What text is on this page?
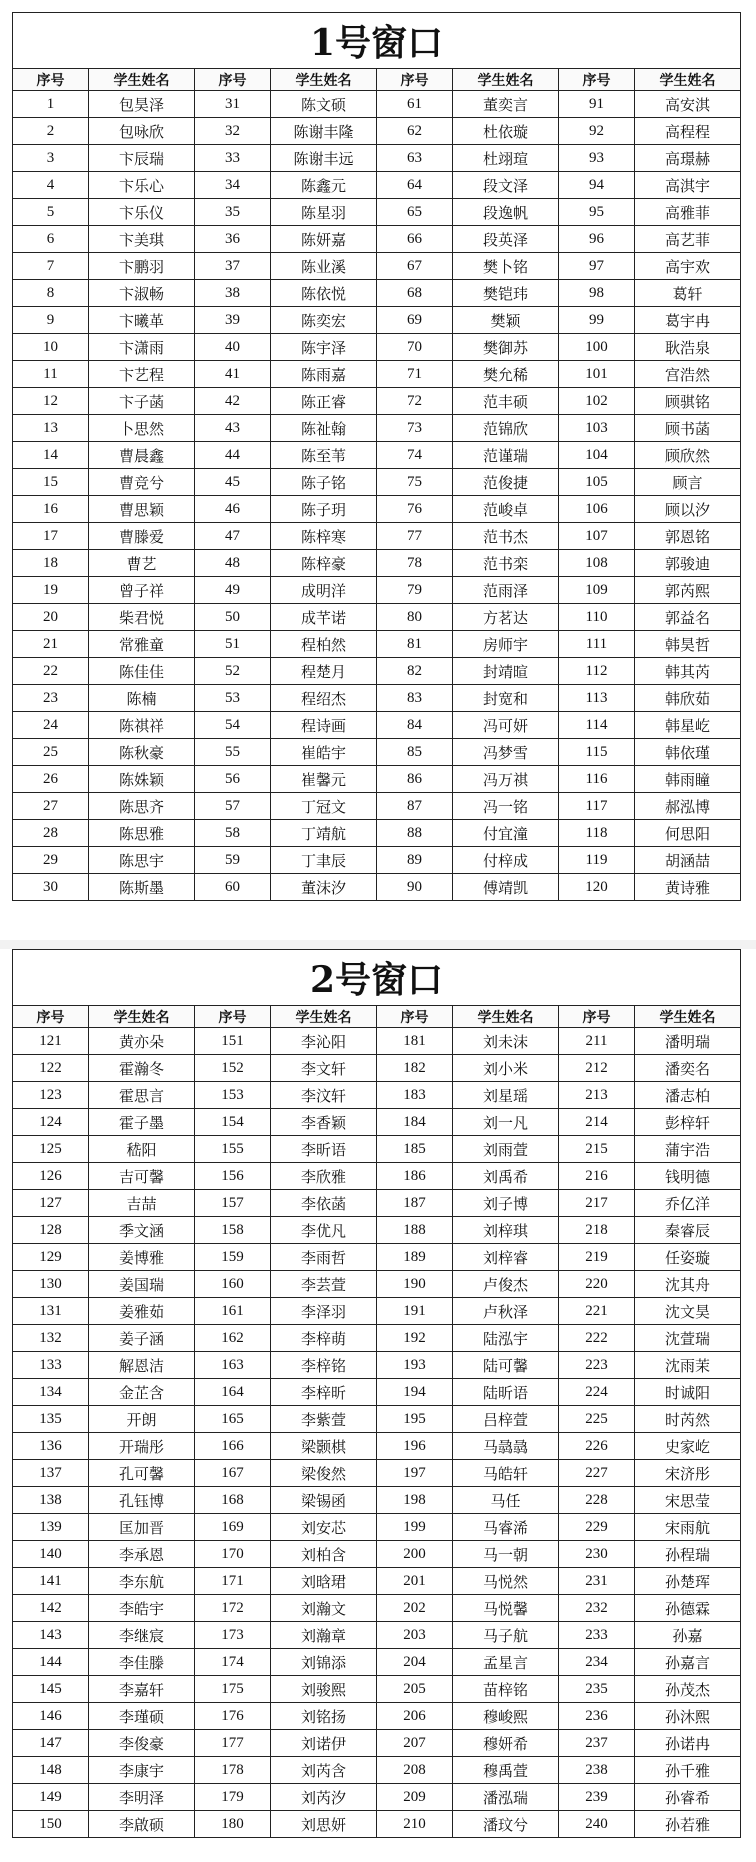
1号窗口							
序号	学生姓名	序号	学生姓名	序号	学生姓名	序号	学生姓名
1	包昊泽	31	陈文硕	61	董奕言	91	高安淇
2	包咏欣	32	陈谢丰隆	62	杜依璇	92	高程程
3	卞辰瑞	33	陈谢丰远	63	杜翊瑄	93	高璟赫
4	卞乐心	34	陈鑫元	64	段文泽	94	高淇宇
5	卞乐仪	35	陈星羽	65	段逸帆	95	高雅菲
6	卞美琪	36	陈妍嘉	66	段英泽	96	高艺菲
7	卞鹏羽	37	陈业溪	67	樊卜铭	97	高宇欢
8	卞淑畅	38	陈依悦	68	樊铠玮	98	葛轩
9	卞曦革	39	陈奕宏	69	樊颖	99	葛宇冉
10	卞潇雨	40	陈宇泽	70	樊御苏	100	耿浩泉
11	卞艺程	41	陈雨嘉	71	樊允稀	101	宫浩然
12	卞子菡	42	陈正睿	72	范丰硕	102	顾骐铭
13	卜思然	43	陈祉翰	73	范锦欣	103	顾书菡
14	曹晨鑫	44	陈至苇	74	范谨瑞	104	顾欣然
15	曹竞兮	45	陈子铭	75	范俊捷	105	顾言
16	曹思颖	46	陈子玥	76	范峻卓	106	顾以汐
17	曹滕爱	47	陈梓寒	77	范书杰	107	郭恩铭
18	曹艺	48	陈梓豪	78	范书栾	108	郭骏迪
19	曾子祥	49	成明洋	79	范雨泽	109	郭芮熙
20	柴君悦	50	成芊诺	80	方茗达	110	郭益名
21	常雅童	51	程柏然	81	房师宇	111	韩昊哲
22	陈佳佳	52	程楚月	82	封靖暄	112	韩其芮
23	陈楠	53	程绍杰	83	封宽和	113	韩欣茹
24	陈祺祥	54	程诗画	84	冯可妍	114	韩星屹
25	陈秋豪	55	崔皓宇	85	冯梦雪	115	韩依瑾
26	陈姝颖	56	崔馨元	86	冯万祺	116	韩雨瞳
27	陈思齐	57	丁冠文	87	冯一铭	117	郝泓博
28	陈思雅	58	丁靖航	88	付宜潼	118	何思阳
29	陈思宇	59	丁聿辰	89	付梓成	119	胡涵喆
30	陈斯墨	60	董沫汐	90	傅靖凯	120	黄诗雅
2号窗口							
序号	学生姓名	序号	学生姓名	序号	学生姓名	序号	学生姓名
121	黄亦朵	151	李沁阳	181	刘未沫	211	潘明瑞
122	霍瀚冬	152	李文轩	182	刘小米	212	潘奕名
123	霍思言	153	李汶轩	183	刘星瑶	213	潘志柏
124	霍子墨	154	李香颖	184	刘一凡	214	彭梓轩
125	嵇阳	155	李昕语	185	刘雨萱	215	蒲宇浩
126	吉可馨	156	李欣雅	186	刘禹希	216	钱明德
127	吉喆	157	李依菡	187	刘子博	217	乔亿洋
128	季文涵	158	李优凡	188	刘梓琪	218	秦睿辰
129	姜博雅	159	李雨哲	189	刘梓睿	219	任姿璇
130	姜国瑞	160	李芸萱	190	卢俊杰	220	沈其舟
131	姜雅茹	161	李泽羽	191	卢秋泽	221	沈文昊
132	姜子涵	162	李梓萌	192	陆泓宇	222	沈萱瑞
133	解恩洁	163	李梓铭	193	陆可馨	223	沈雨茉
134	金芷含	164	李梓昕	194	陆昕语	224	时诚阳
135	开朗	165	李紫萱	195	吕梓萱	225	时芮然
136	开瑞彤	166	梁颢棋	196	马骉骉	226	史家屹
137	孔可馨	167	梁俊然	197	马皓轩	227	宋济彤
138	孔钰博	168	梁锡函	198	马任	228	宋思莹
139	匡加晋	169	刘安芯	199	马睿浠	229	宋雨航
140	李承恩	170	刘柏含	200	马一朝	230	孙程瑞
141	李东航	171	刘晗珺	201	马悦然	231	孙楚珲
142	李皓宇	172	刘瀚文	202	马悦馨	232	孙德霖
143	李继宸	173	刘瀚章	203	马子航	233	孙嘉
144	李佳滕	174	刘锦添	204	孟星言	234	孙嘉言
145	李嘉轩	175	刘骏熙	205	苗梓铭	235	孙茂杰
146	李瑾硕	176	刘铭扬	206	穆峻熙	236	孙沐熙
147	李俊豪	177	刘诺伊	207	穆妍希	237	孙诺冉
148	李康宇	178	刘芮含	208	穆禹萱	238	孙千雅
149	李明泽	179	刘芮汐	209	潘泓瑞	239	孙睿希
150	李啟硕	180	刘思妍	210	潘玟兮	240	孙若雅
